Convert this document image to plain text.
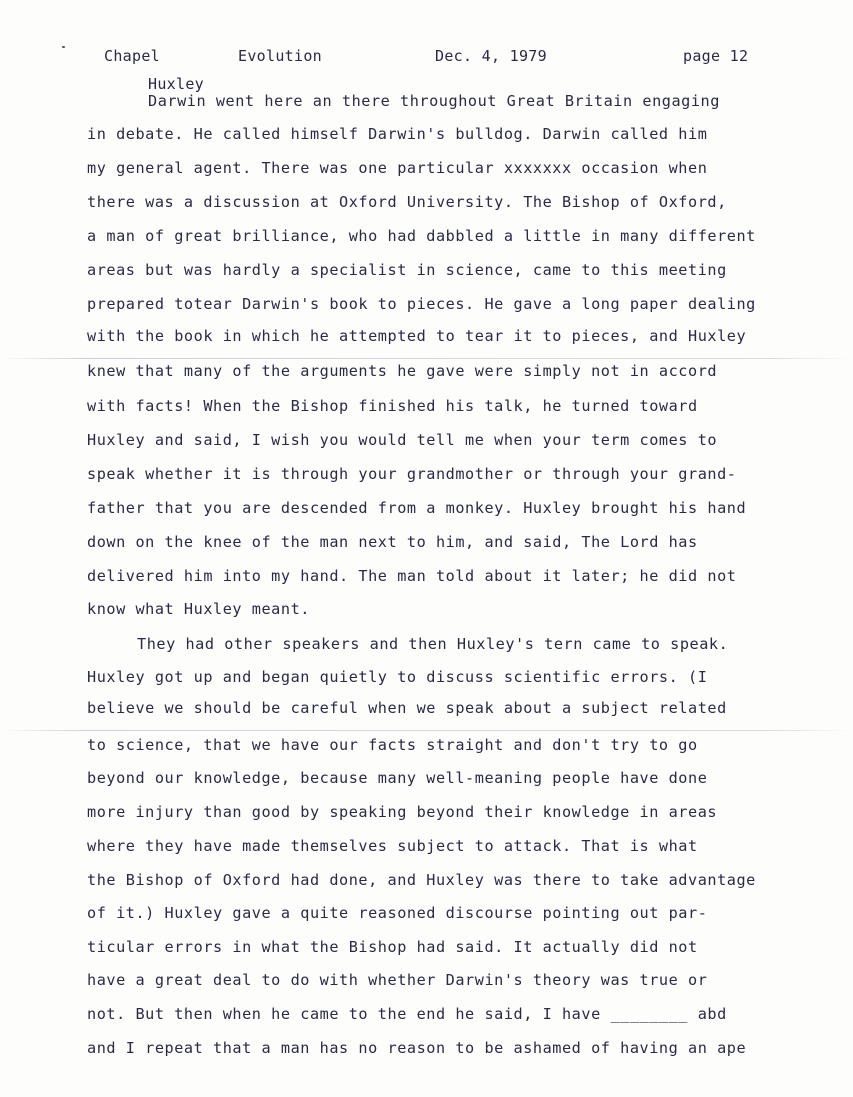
Chapel	Evolution	Dec. 4, 1979	page 12
Huxley
Darwin went here an there throughout Great Britain engaging
in debate. He called himself Darwin's bulldog. Darwin called him
my general agent. There was one particular xxxxxxx occasion when
there was a discussion at Oxford University. The Bishop of Oxford,
a man of great brilliance, who had dabbled a little in many different
areas but was hardly a specialist in science, came to this meeting
prepared totear Darwin's book to pieces. He gave a long paper dealing
with the book in which he attempted to tear it to pieces, and Huxley
knew that many of the arguments he gave were simply not in accord
with facts! When the Bishop finished his talk, he turned toward
Huxley and said, I wish you would tell me when your term comes to
speak whether it is through your grandmother or through your grand-
father that you are descended from a monkey. Huxley brought his hand
down on the knee of the man next to him, and said, The Lord has
delivered him into my hand. The man told about it later; he did not
know what Huxley meant.
They had other speakers and then Huxley's tern came to speak.
Huxley got up and began quietly to discuss scientific errors. (I
believe we should be careful when we speak about a subject related
to science, that we have our facts straight and don't try to go
beyond our knowledge, because many well-meaning people have done
more injury than good by speaking beyond their knowledge in areas
where they have made themselves subject to attack. That is what
the Bishop of Oxford had done, and Huxley was there to take advantage
of it.) Huxley gave a quite reasoned discourse pointing out par-
ticular errors in what the Bishop had said. It actually did not
have a great deal to do with whether Darwin's theory was true or
not. But then when he came to the end he said, I have ________ abd
and I repeat that a man has no reason to be ashamed of having an ape
